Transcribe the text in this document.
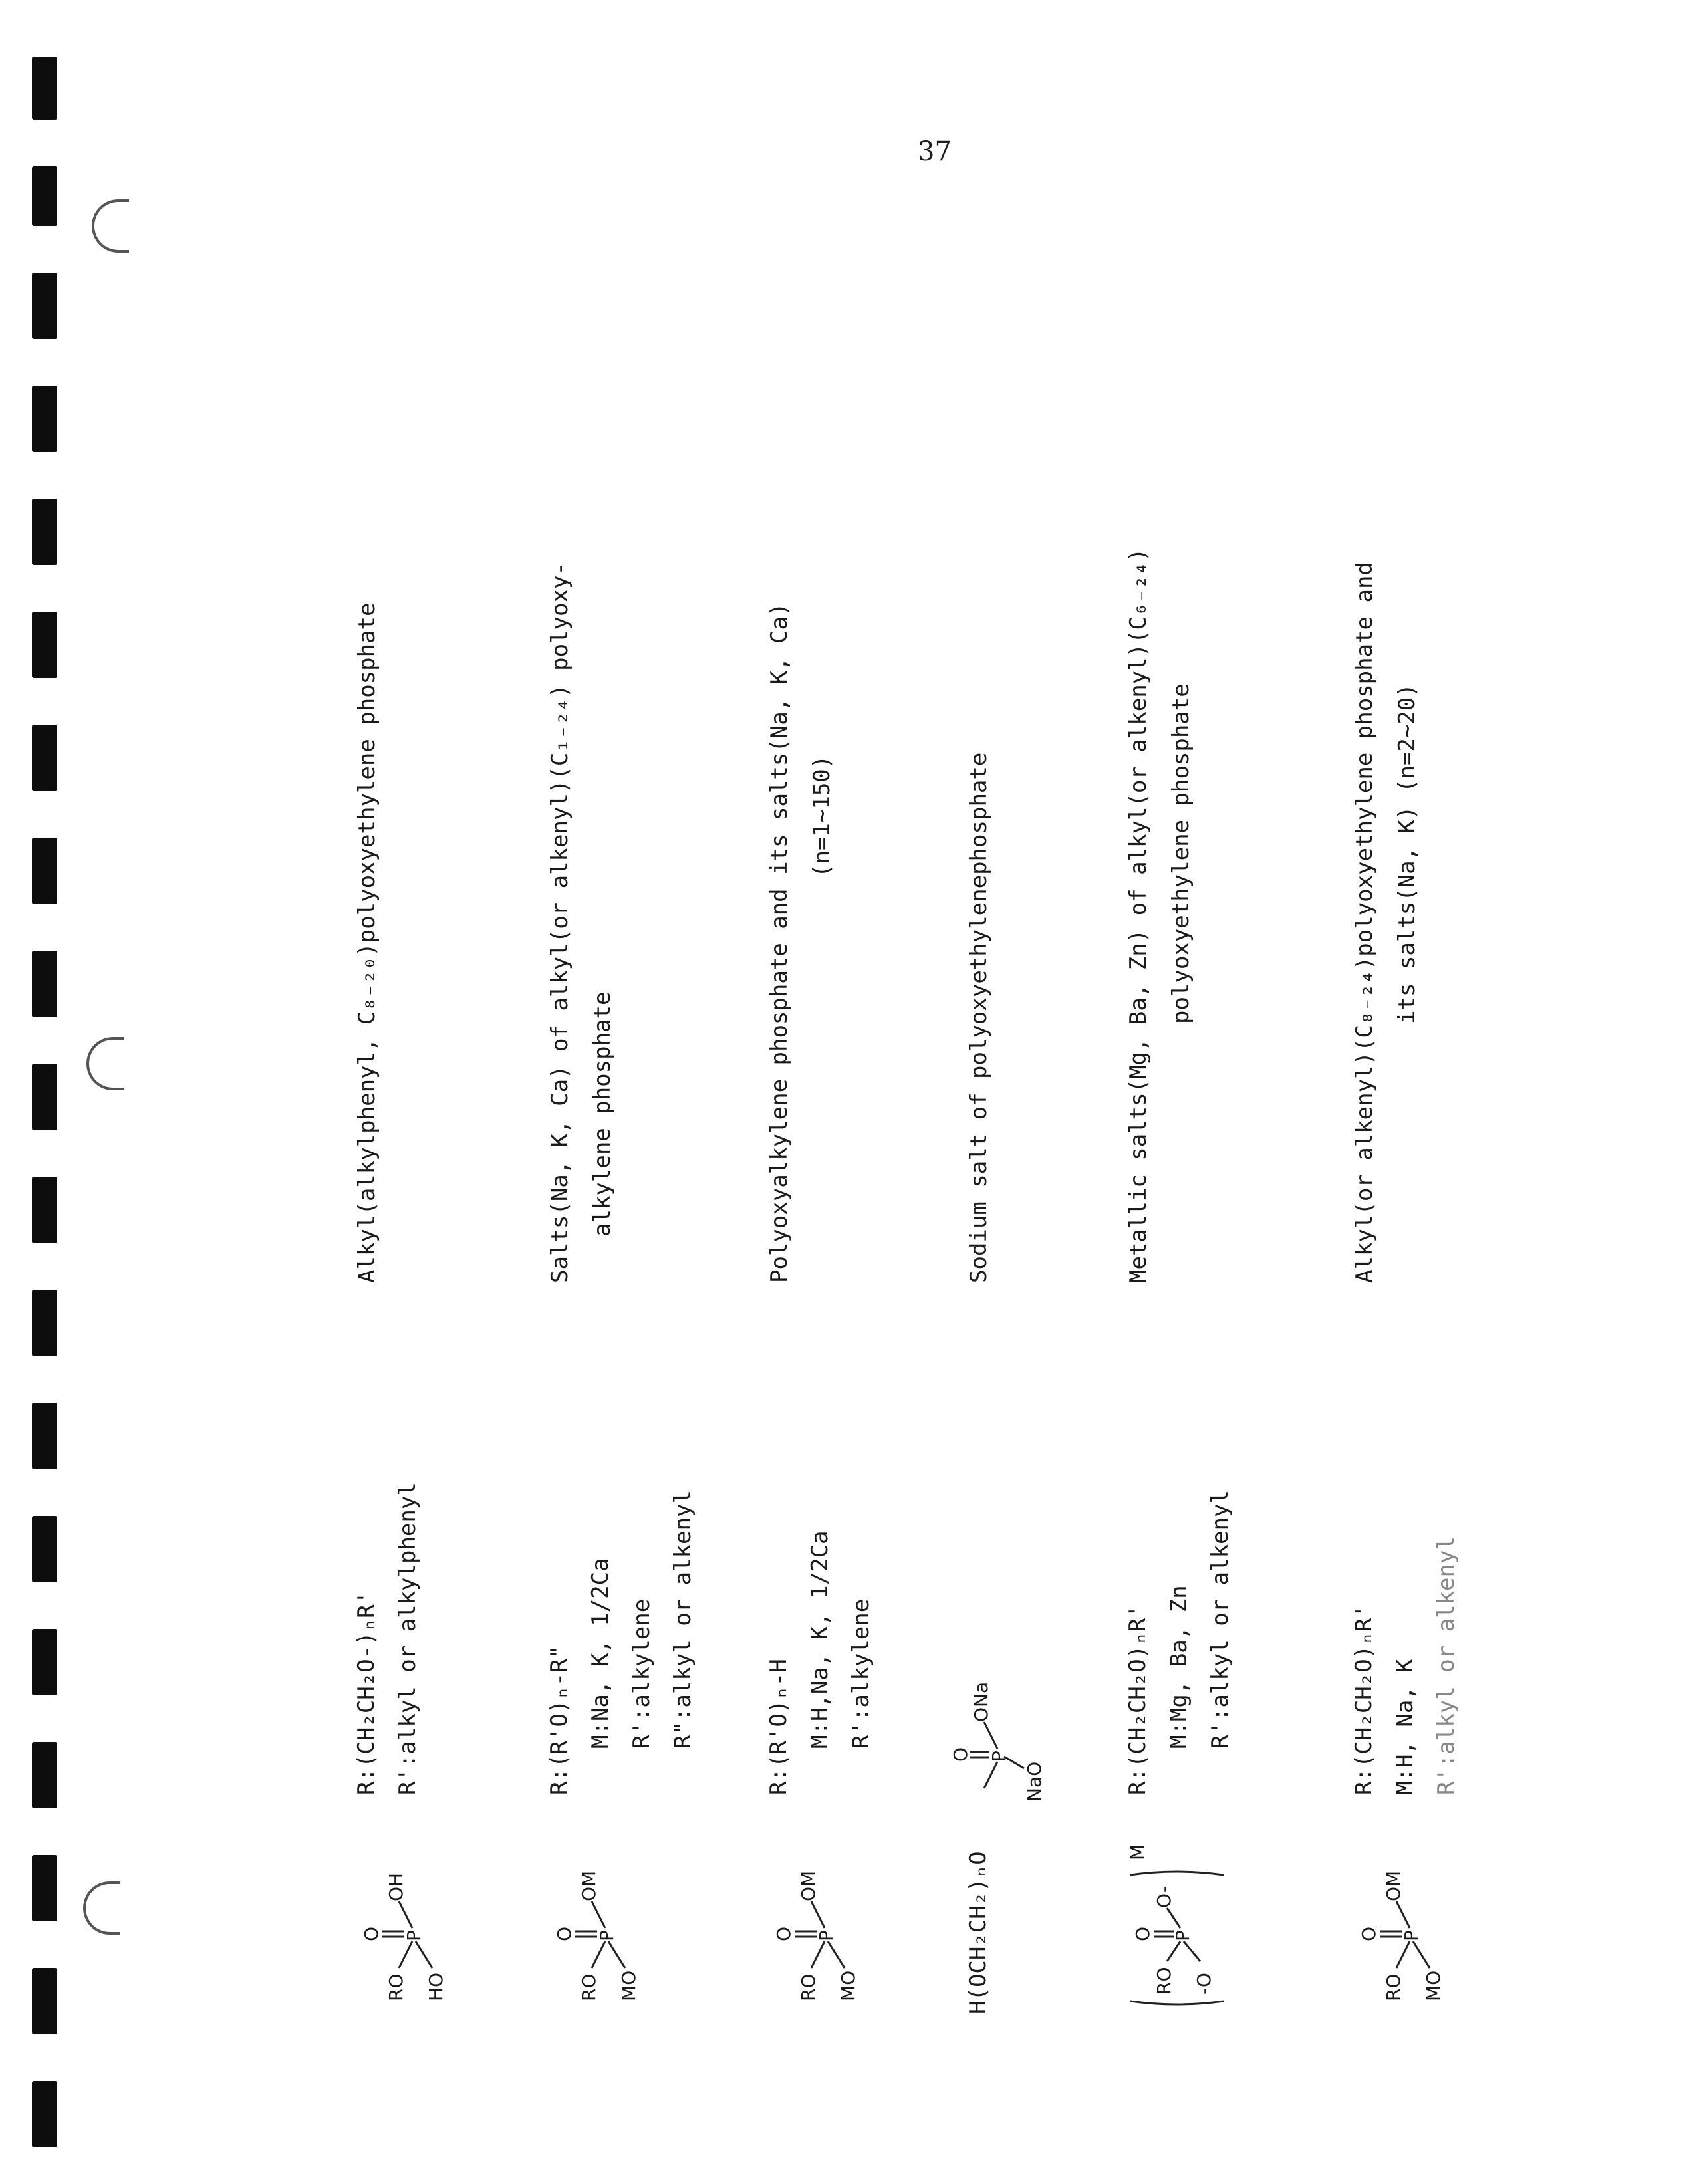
37
RO HO
P
O
OH
R:(CH₂CH₂O-)ₙR' R':alkyl or alkylphenyl
Alkyl(alkylphenyl, C₈₋₂₀)polyoxyethylene phosphate
RO MO
P
O
OM
R:(R'O)ₙ-R" M:Na, K, 1/2Ca R':alkylene R":alkyl or alkenyl
Salts(Na, K, Ca) of alkyl(or alkenyl)(C₁₋₂₄) polyoxy- alkylene phosphate
RO MO
P
O
OM
R:(R'O)ₙ-H M:H,Na, K, 1/2Ca R':alkylene
Polyoxyalkylene phosphate and its salts(Na, K, Ca) (n=1~150)
H(OCH₂CH₂)ₙO
P
O
ONa
NaO
Sodium salt of polyoxyethylenephosphate
RO -O
P
O
O-
M
R:(CH₂CH₂O)ₙR' M:Mg, Ba, Zn R':alkyl or alkenyl
Metallic salts(Mg, Ba, Zn) of alkyl(or alkenyl)(C₆₋₂₄) polyoxyethylene phosphate
RO MO
P
O
OM
R:(CH₂CH₂O)ₙR' M:H, Na, K R':alkyl or alkenyl
Alkyl(or alkenyl)(C₈₋₂₄)polyoxyethylene phosphate and its salts(Na, K) (n=2~20)
